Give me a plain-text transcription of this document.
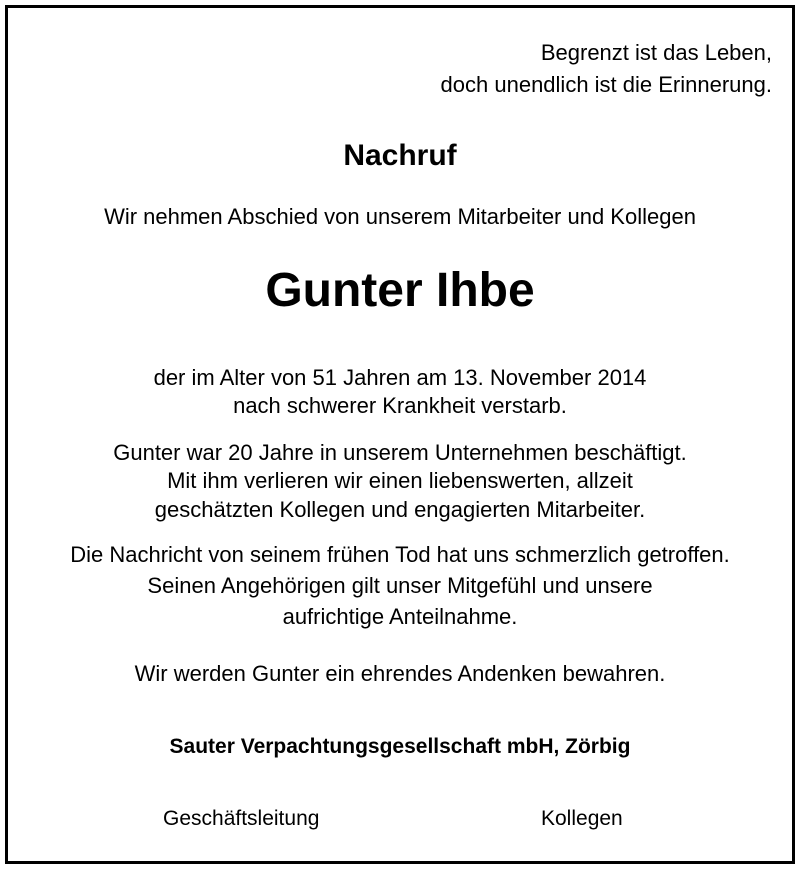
Begrenzt ist das Leben,
doch unendlich ist die Erinnerung.
Nachruf
Wir nehmen Abschied von unserem Mitarbeiter und Kollegen
Gunter Ihbe
der im Alter von 51 Jahren am 13. November 2014
nach schwerer Krankheit verstarb.
Gunter war 20 Jahre in unserem Unternehmen beschäftigt.
Mit ihm verlieren wir einen liebenswerten, allzeit
geschätzten Kollegen und engagierten Mitarbeiter.
Die Nachricht von seinem frühen Tod hat uns schmerzlich getroffen.
Seinen Angehörigen gilt unser Mitgefühl und unsere
aufrichtige Anteilnahme.
Wir werden Gunter ein ehrendes Andenken bewahren.
Sauter Verpachtungsgesellschaft mbH, Zörbig
Geschäftsleitung	Kollegen
